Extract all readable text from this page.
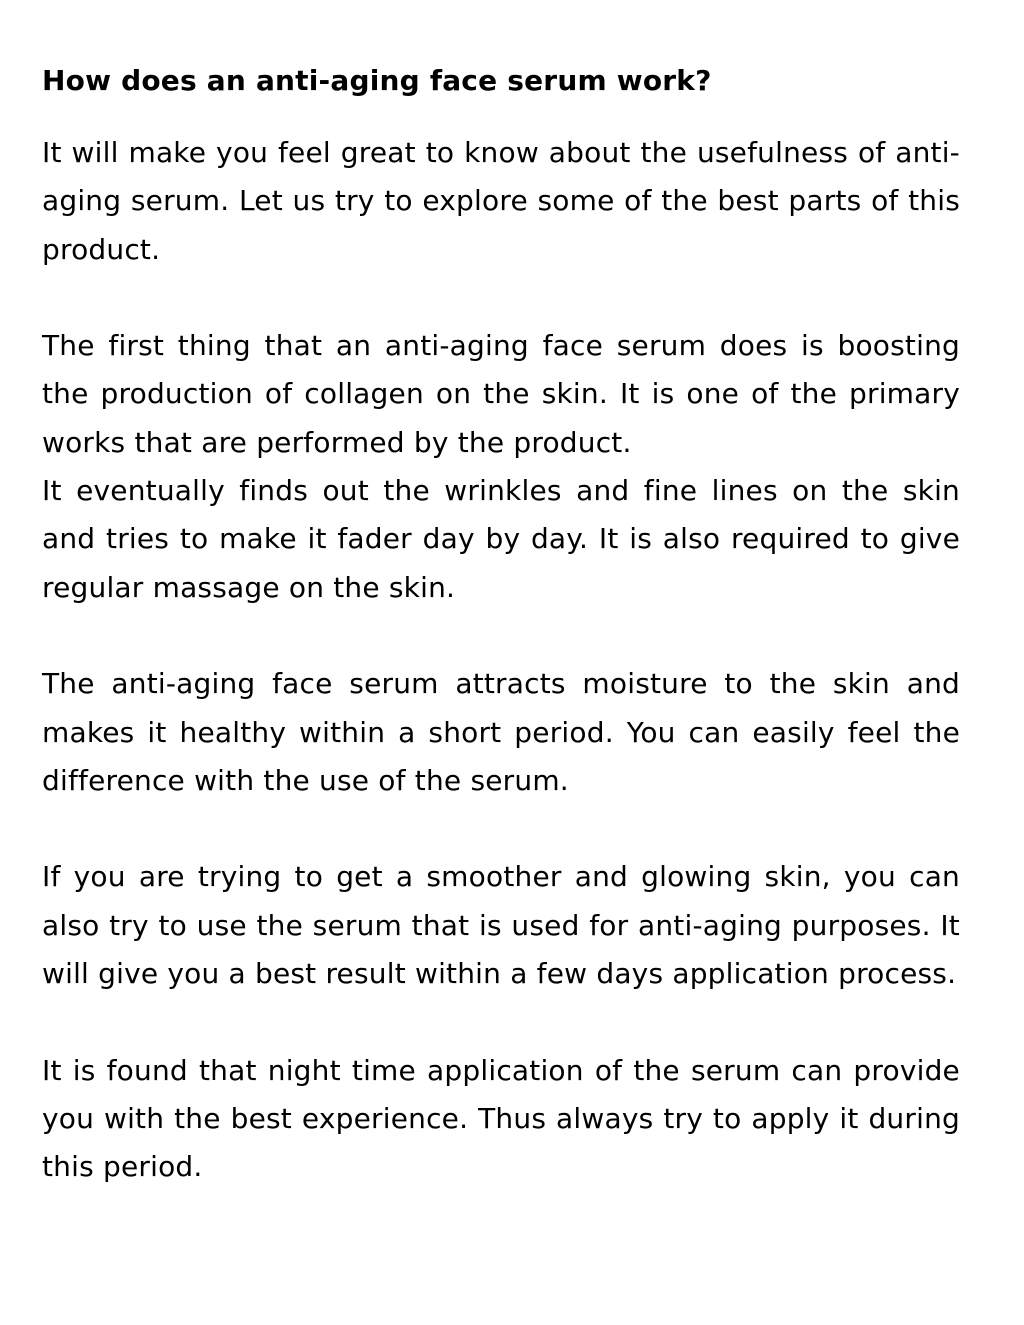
How does an anti-aging face serum work?

It will make you feel great to know about the usefulness of anti-aging serum. Let us try to explore some of the best parts of this product.

The first thing that an anti-aging face serum does is boosting the production of collagen on the skin. It is one of the primary works that are performed by the product.
It eventually finds out the wrinkles and fine lines on the skin and tries to make it fader day by day. It is also required to give regular massage on the skin.

The anti-aging face serum attracts moisture to the skin and makes it healthy within a short period. You can easily feel the difference with the use of the serum.

If you are trying to get a smoother and glowing skin, you can also try to use the serum that is used for anti-aging purposes. It will give you a best result within a few days application process.

It is found that night time application of the serum can provide you with the best experience. Thus always try to apply it during this period.
